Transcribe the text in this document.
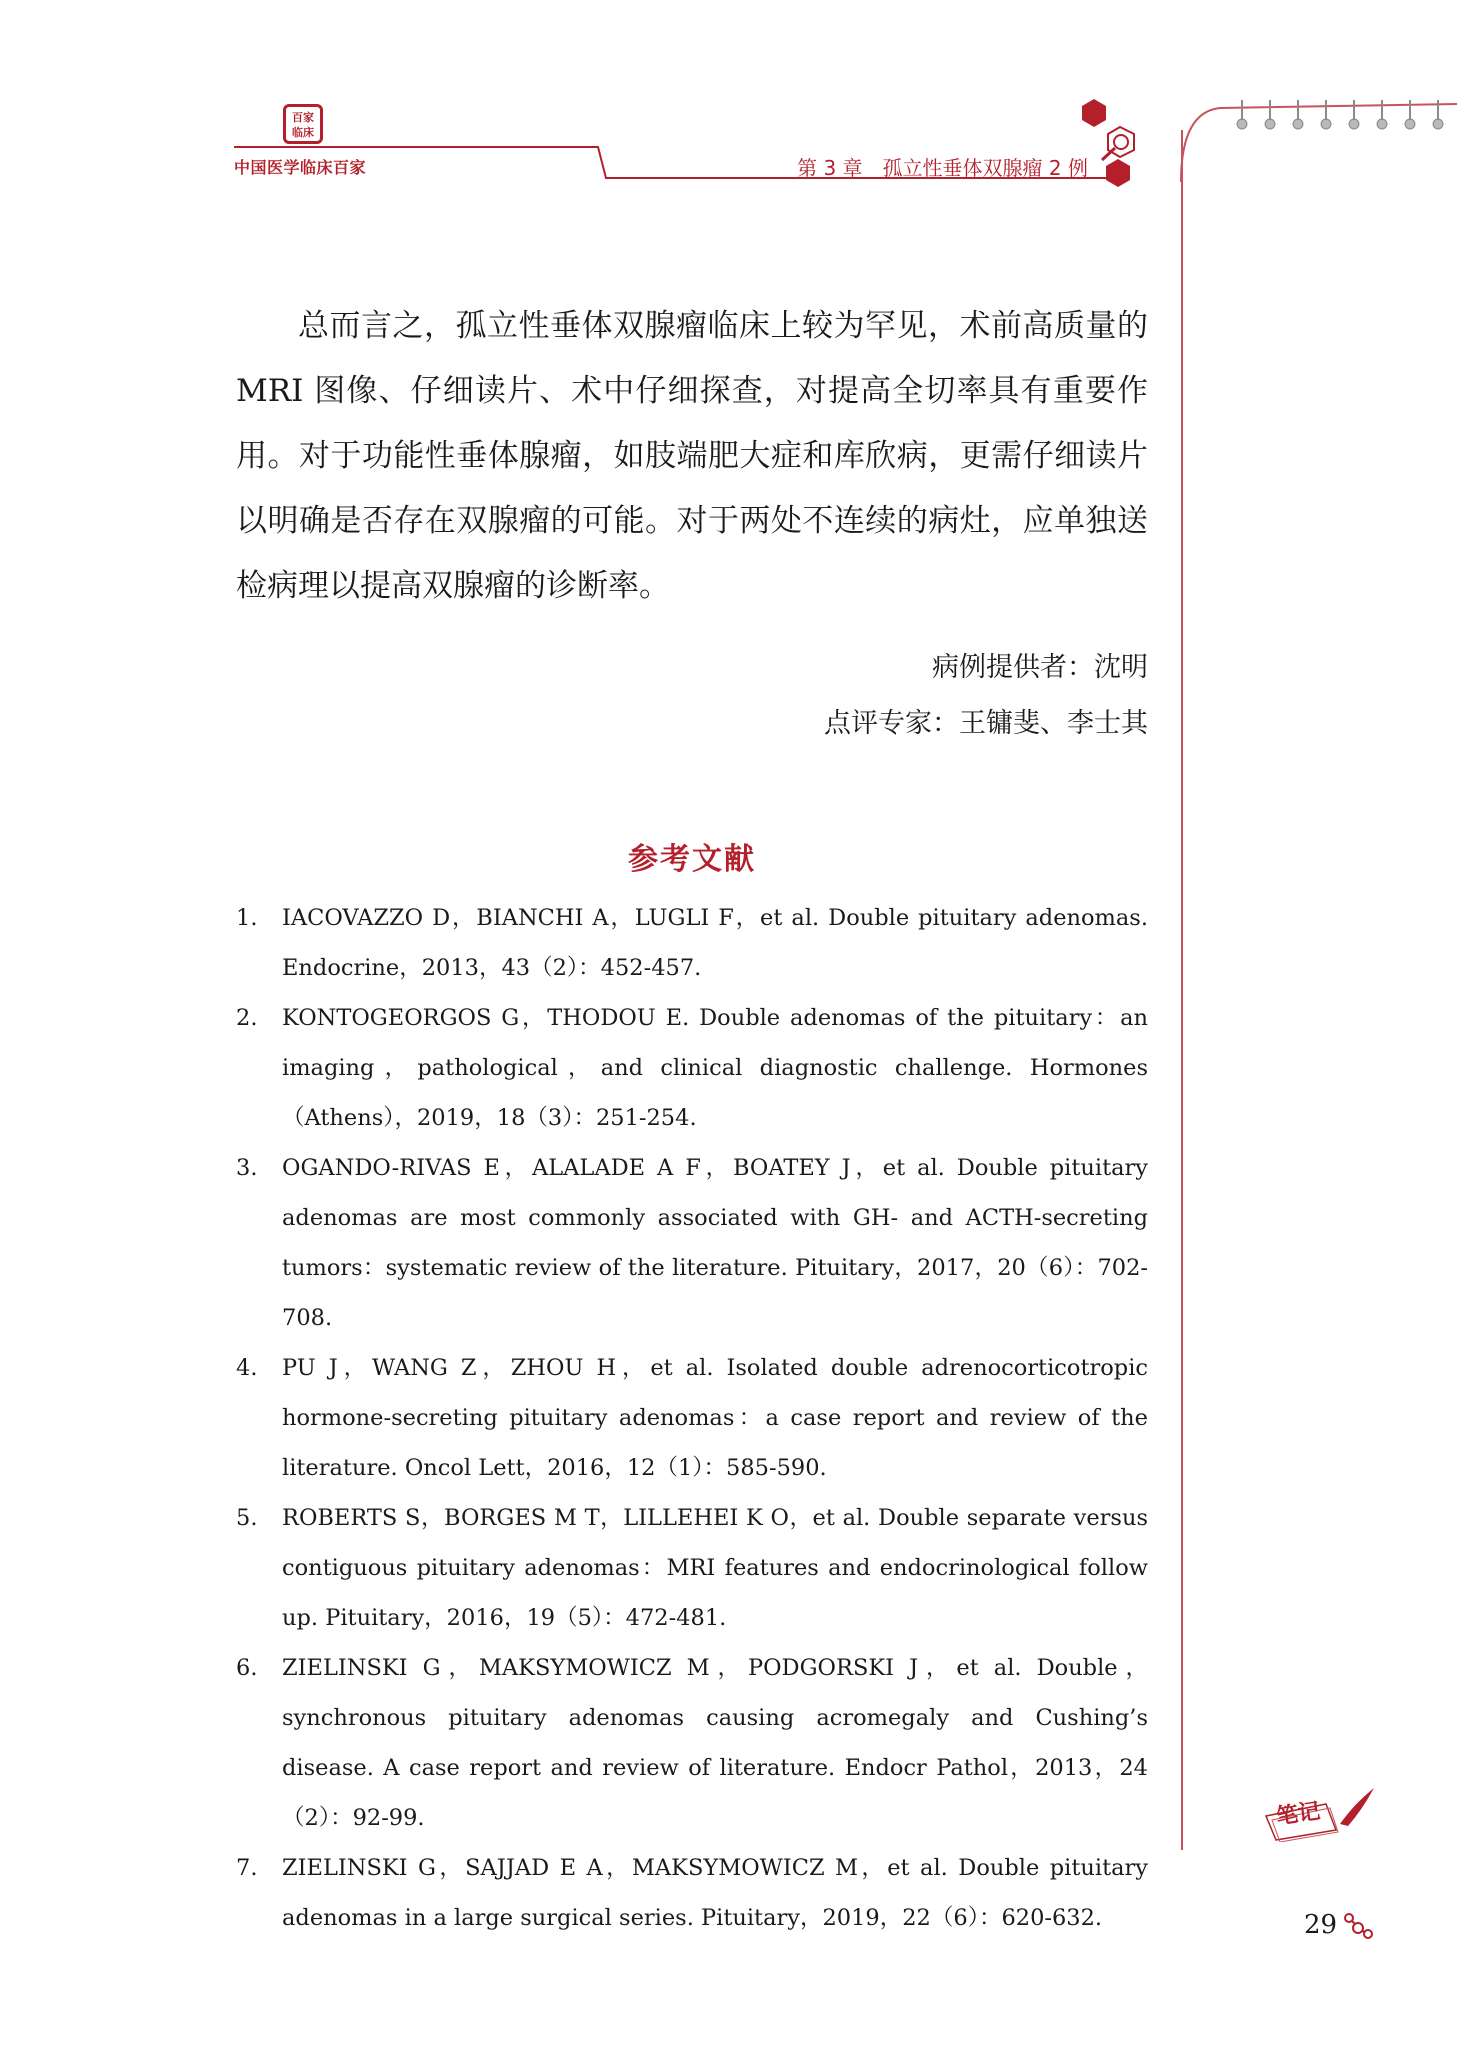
百家 临床
中国医学临床百家	第 3 章 孤立性垂体双腺瘤 2 例

总而言之，孤立性垂体双腺瘤临床上较为罕见，术前高质量的 MRI 图像、仔细读片、术中仔细探查，对提高全切率具有重要作用。对于功能性垂体腺瘤，如肢端肥大症和库欣病，更需仔细读片以明确是否存在双腺瘤的可能。对于两处不连续的病灶，应单独送检病理以提高双腺瘤的诊断率。

病例提供者：沈明
点评专家：王镛斐、李士其
参考文献
1. IACOVAZZO D，BIANCHI A，LUGLI F，et al. Double pituitary adenomas. Endocrine，2013，43（2）：452-457.
2. KONTOGEORGOS G，THODOU E. Double adenomas of the pituitary：an imaging，pathological，and clinical diagnostic challenge. Hormones（Athens），2019，18（3）：251-254.
3. OGANDO-RIVAS E，ALALADE A F，BOATEY J，et al. Double pituitary adenomas are most commonly associated with GH- and ACTH-secreting tumors：systematic review of the literature. Pituitary，2017，20（6）：702-708.
4. PU J，WANG Z，ZHOU H，et al. Isolated double adrenocorticotropic hormone-secreting pituitary adenomas：a case report and review of the literature. Oncol Lett，2016，12（1）：585-590.
5. ROBERTS S，BORGES M T，LILLEHEI K O，et al. Double separate versus contiguous pituitary adenomas：MRI features and endocrinological follow up. Pituitary，2016，19（5）：472-481.
6. ZIELINSKI G，MAKSYMOWICZ M，PODGORSKI J，et al. Double，synchronous pituitary adenomas causing acromegaly and Cushing’s disease. A case report and review of literature. Endocr Pathol，2013，24（2）：92-99.
7. ZIELINSKI G，SAJJAD E A，MAKSYMOWICZ M，et al. Double pituitary adenomas in a large surgical series. Pituitary，2019，22（6）：620-632.
笔记
29
